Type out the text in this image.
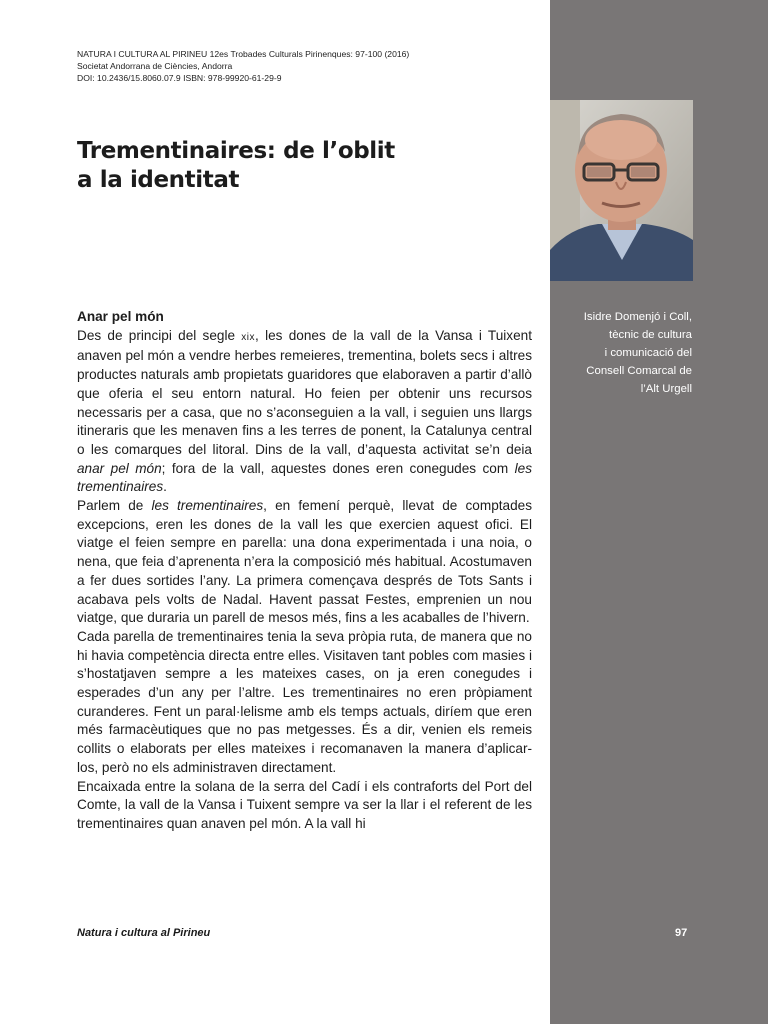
NATURA I CULTURA AL PIRINEU 12es Trobades Culturals Pirinenques: 97-100 (2016)
Societat Andorrana de Ciències, Andorra
DOI: 10.2436/15.8060.07.9 ISBN: 978-99920-61-29-9
Trementinaires: de l’oblit
a la identitat
Isidre Domenjó i Coll,
tècnic de cultura
i comunicació del
Consell Comarcal de
l’Alt Urgell
Anar pel món

Des de principi del segle xix, les dones de la vall de la Vansa i Tuixent anaven pel món a vendre herbes remeieres, trementina, bolets secs i altres productes naturals amb propietats guaridores que elaboraven a partir d’allò que oferia el seu entorn natural. Ho feien per obtenir uns recursos necessaris per a casa, que no s’aconseguien a la vall, i seguien uns llargs itineraris que les menaven fins a les terres de ponent, la Catalunya central o les comarques del litoral. Dins de la vall, d’aquesta activitat se’n deia anar pel món; fora de la vall, aquestes dones eren conegudes com les trementinaires.

Parlem de les trementinaires, en femení perquè, llevat de comptades excepcions, eren les dones de la vall les que exercien aquest ofici. El viatge el feien sempre en parella: una dona experimentada i una noia, o nena, que feia d’aprenenta n’era la composició més habitual. Acostumaven a fer dues sortides l’any. La primera començava després de Tots Sants i acabava pels volts de Nadal. Havent passat Festes, emprenien un nou viatge, que duraria un parell de mesos més, fins a les acaballes de l’hivern.

Cada parella de trementinaires tenia la seva pròpia ruta, de manera que no hi havia competència directa entre elles. Visitaven tant pobles com masies i s’hostatjaven sempre a les mateixes cases, on ja eren conegudes i esperades d’un any per l’altre. Les trementinaires no eren pròpiament curanderes. Fent un paral·lelisme amb els temps actuals, diríem que eren més farmacèutiques que no pas metgesses. És a dir, venien els remeis collits o elaborats per elles mateixes i recomanaven la manera d’aplicar-los, però no els administraven directament.

Encaixada entre la solana de la serra del Cadí i els contraforts del Port del Comte, la vall de la Vansa i Tuixent sempre va ser la llar i el referent de les trementinaires quan anaven pel món. A la vall hi

Natura i cultura al Pirineu	97
